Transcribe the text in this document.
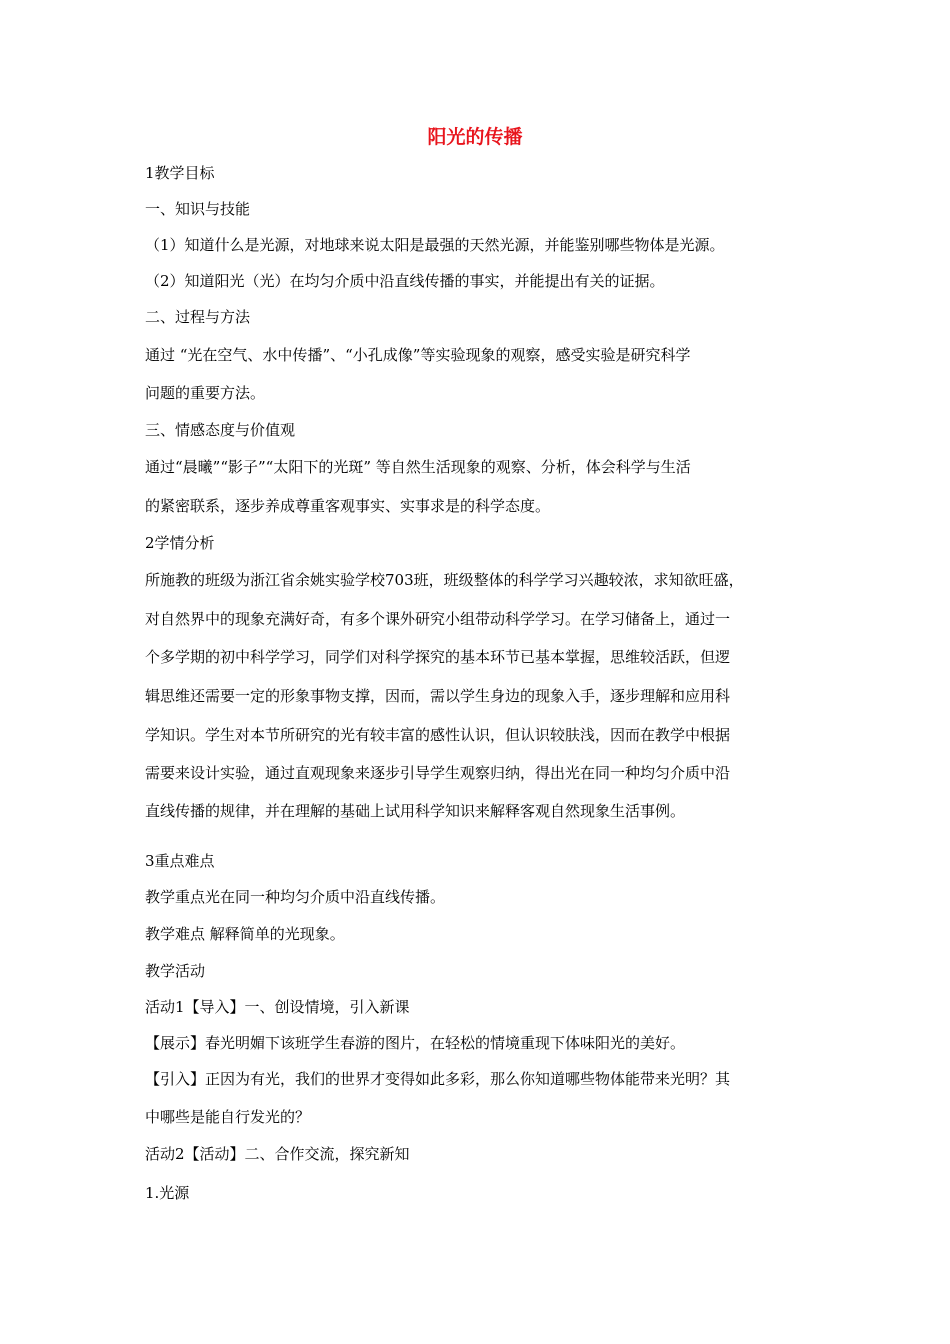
阳光的传播
1教学目标
一、知识与技能
（1）知道什么是光源，对地球来说太阳是最强的天然光源，并能鉴别哪些物体是光源。
（2）知道阳光（光）在均匀介质中沿直线传播的事实，并能提出有关的证据。
二、过程与方法
通过 “光在空气、水中传播”、“小孔成像”等实验现象的观察，感受实验是研究科学
问题的重要方法。
三、情感态度与价值观
通过“晨曦”“影子”“太阳下的光斑” 等自然生活现象的观察、分析，体会科学与生活
的紧密联系，逐步养成尊重客观事实、实事求是的科学态度。
2学情分析
所施教的班级为浙江省余姚实验学校703班，班级整体的科学学习兴趣较浓，求知欲旺盛，
对自然界中的现象充满好奇，有多个课外研究小组带动科学学习。在学习储备上，通过一
个多学期的初中科学学习，同学们对科学探究的基本环节已基本掌握，思维较活跃，但逻
辑思维还需要一定的形象事物支撑，因而，需以学生身边的现象入手，逐步理解和应用科
学知识。学生对本节所研究的光有较丰富的感性认识，但认识较肤浅，因而在教学中根据
需要来设计实验，通过直观现象来逐步引导学生观察归纳，得出光在同一种均匀介质中沿
直线传播的规律，并在理解的基础上试用科学知识来解释客观自然现象生活事例。
3重点难点
教学重点光在同一种均匀介质中沿直线传播。
教学难点 解释简单的光现象。
教学活动
活动1【导入】一、创设情境，引入新课
【展示】春光明媚下该班学生春游的图片，在轻松的情境重现下体味阳光的美好。
【引入】正因为有光，我们的世界才变得如此多彩，那么你知道哪些物体能带来光明？其
中哪些是能自行发光的？
活动2【活动】二、合作交流，探究新知
1.光源
